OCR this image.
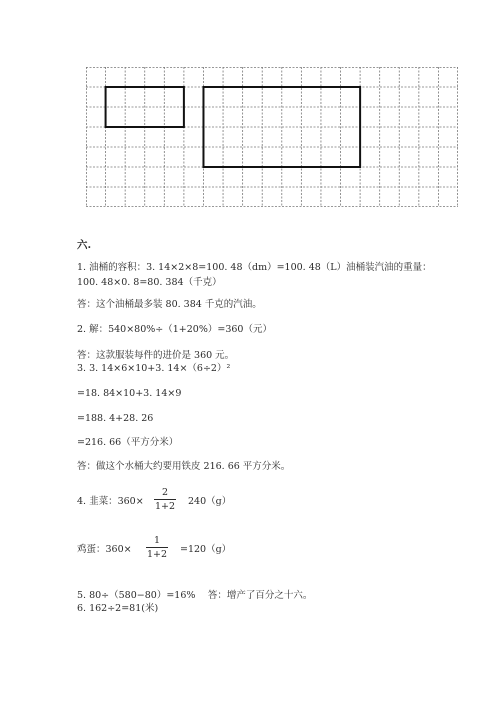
六.
1. 油桶的容积：3. 14×2×8=100. 48（dm）=100. 48（L）油桶装汽油的重量：
100. 48×0. 8=80. 384（千克）
答：这个油桶最多装 80. 384 千克的汽油。
2. 解：540×80%÷（1+20%）=360（元）
答：这款服装每件的进价是 360 元。
3. 3. 14×6×10+3. 14×（6÷2）²
=18. 84×10+3. 14×9
=188. 4+28. 26
=216. 66（平方分米）
答：做这个水桶大约要用铁皮 216. 66 平方分米。
4. 韭菜：360×
2
1+2 240（g）
鸡蛋：360×
1
1+2 =120（g）
5. 80÷（580−80）=16%　 答：增产了百分之十六。
6. 162÷2=81(米)
